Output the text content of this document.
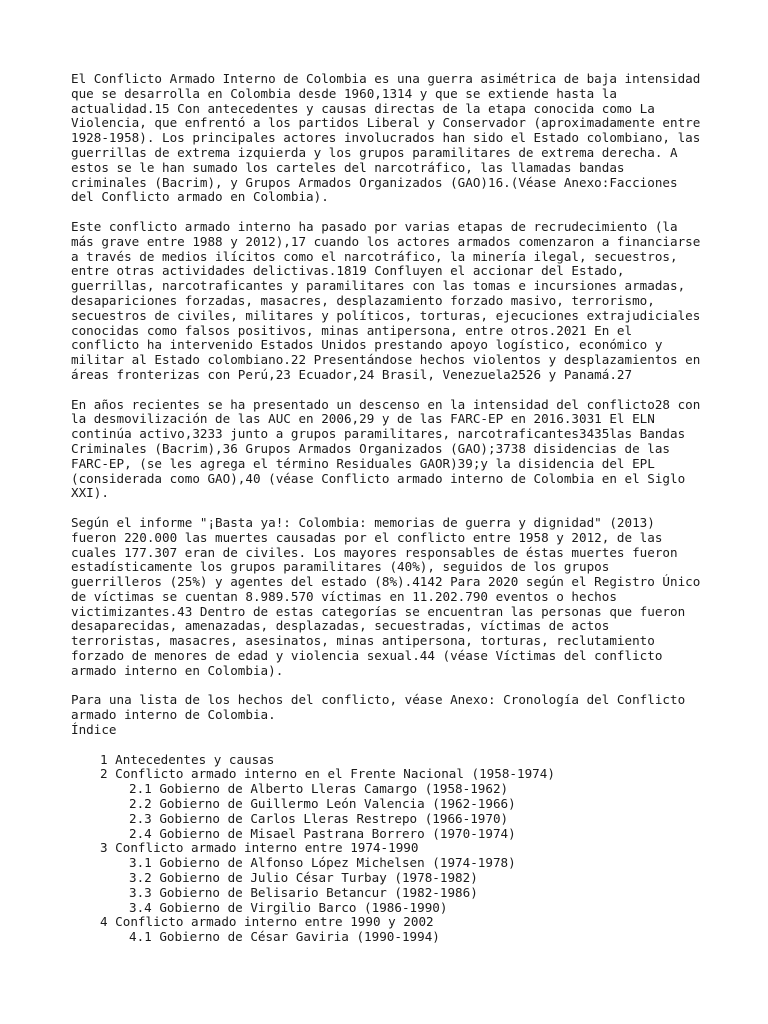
El Conflicto Armado Interno de Colombia es una guerra asimétrica de baja intensidad
que se desarrolla en Colombia desde 1960,1314 y que se extiende hasta la
actualidad.15 Con antecedentes y causas directas de la etapa conocida como La
Violencia, que enfrentó a los partidos Liberal y Conservador (aproximadamente entre
1928-1958). Los principales actores involucrados han sido el Estado colombiano, las
guerrillas de extrema izquierda y los grupos paramilitares de extrema derecha. A
estos se le han sumado los carteles del narcotráfico, las llamadas bandas
criminales (Bacrim), y Grupos Armados Organizados (GAO)16.(Véase Anexo:Facciones
del Conflicto armado en Colombia).

Este conflicto armado interno ha pasado por varias etapas de recrudecimiento (la
más grave entre 1988 y 2012),17 cuando los actores armados comenzaron a financiarse
a través de medios ilícitos como el narcotráfico, la minería ilegal, secuestros,
entre otras actividades delictivas.1819 Confluyen el accionar del Estado,
guerrillas, narcotraficantes y paramilitares con las tomas e incursiones armadas,
desapariciones forzadas, masacres, desplazamiento forzado masivo, terrorismo,
secuestros de civiles, militares y políticos, torturas, ejecuciones extrajudiciales
conocidas como falsos positivos, minas antipersona, entre otros.2021 En el
conflicto ha intervenido Estados Unidos prestando apoyo logístico, económico y
militar al Estado colombiano.22 Presentándose hechos violentos y desplazamientos en
áreas fronterizas con Perú,23 Ecuador,24 Brasil, Venezuela2526 y Panamá.27

En años recientes se ha presentado un descenso en la intensidad del conflicto28 con
la desmovilización de las AUC en 2006,29 y de las FARC-EP en 2016.3031 El ELN
continúa activo,3233 junto a grupos paramilitares, narcotraficantes3435las Bandas
Criminales (Bacrim),36 Grupos Armados Organizados (GAO);3738 disidencias de las
FARC-EP, (se les agrega el término Residuales GAOR)39;y la disidencia del EPL
(considerada como GAO),40 (véase Conflicto armado interno de Colombia en el Siglo
XXI).

Según el informe "¡Basta ya!: Colombia: memorias de guerra y dignidad" (2013)
fueron 220.000 las muertes causadas por el conflicto entre 1958 y 2012, de las
cuales 177.307 eran de civiles. Los mayores responsables de éstas muertes fueron
estadísticamente los grupos paramilitares (40%), seguidos de los grupos
guerrilleros (25%) y agentes del estado (8%).4142 Para 2020 según el Registro Único
de víctimas se cuentan 8.989.570 víctimas en 11.202.790 eventos o hechos
victimizantes.43 Dentro de estas categorías se encuentran las personas que fueron
desaparecidas, amenazadas, desplazadas, secuestradas, víctimas de actos
terroristas, masacres, asesinatos, minas antipersona, torturas, reclutamiento
forzado de menores de edad y violencia sexual.44 (véase Víctimas del conflicto
armado interno en Colombia).

Para una lista de los hechos del conflicto, véase Anexo: Cronología del Conflicto
armado interno de Colombia.

Índice
1 Antecedentes y causas
2 Conflicto armado interno en el Frente Nacional (1958-1974)
2.1 Gobierno de Alberto Lleras Camargo (1958-1962)
2.2 Gobierno de Guillermo León Valencia (1962-1966)
2.3 Gobierno de Carlos Lleras Restrepo (1966-1970)
2.4 Gobierno de Misael Pastrana Borrero (1970-1974)
3 Conflicto armado interno entre 1974-1990
3.1 Gobierno de Alfonso López Michelsen (1974-1978)
3.2 Gobierno de Julio César Turbay (1978-1982)
3.3 Gobierno de Belisario Betancur (1982-1986)
3.4 Gobierno de Virgilio Barco (1986-1990)
4 Conflicto armado interno entre 1990 y 2002
4.1 Gobierno de César Gaviria (1990-1994)
